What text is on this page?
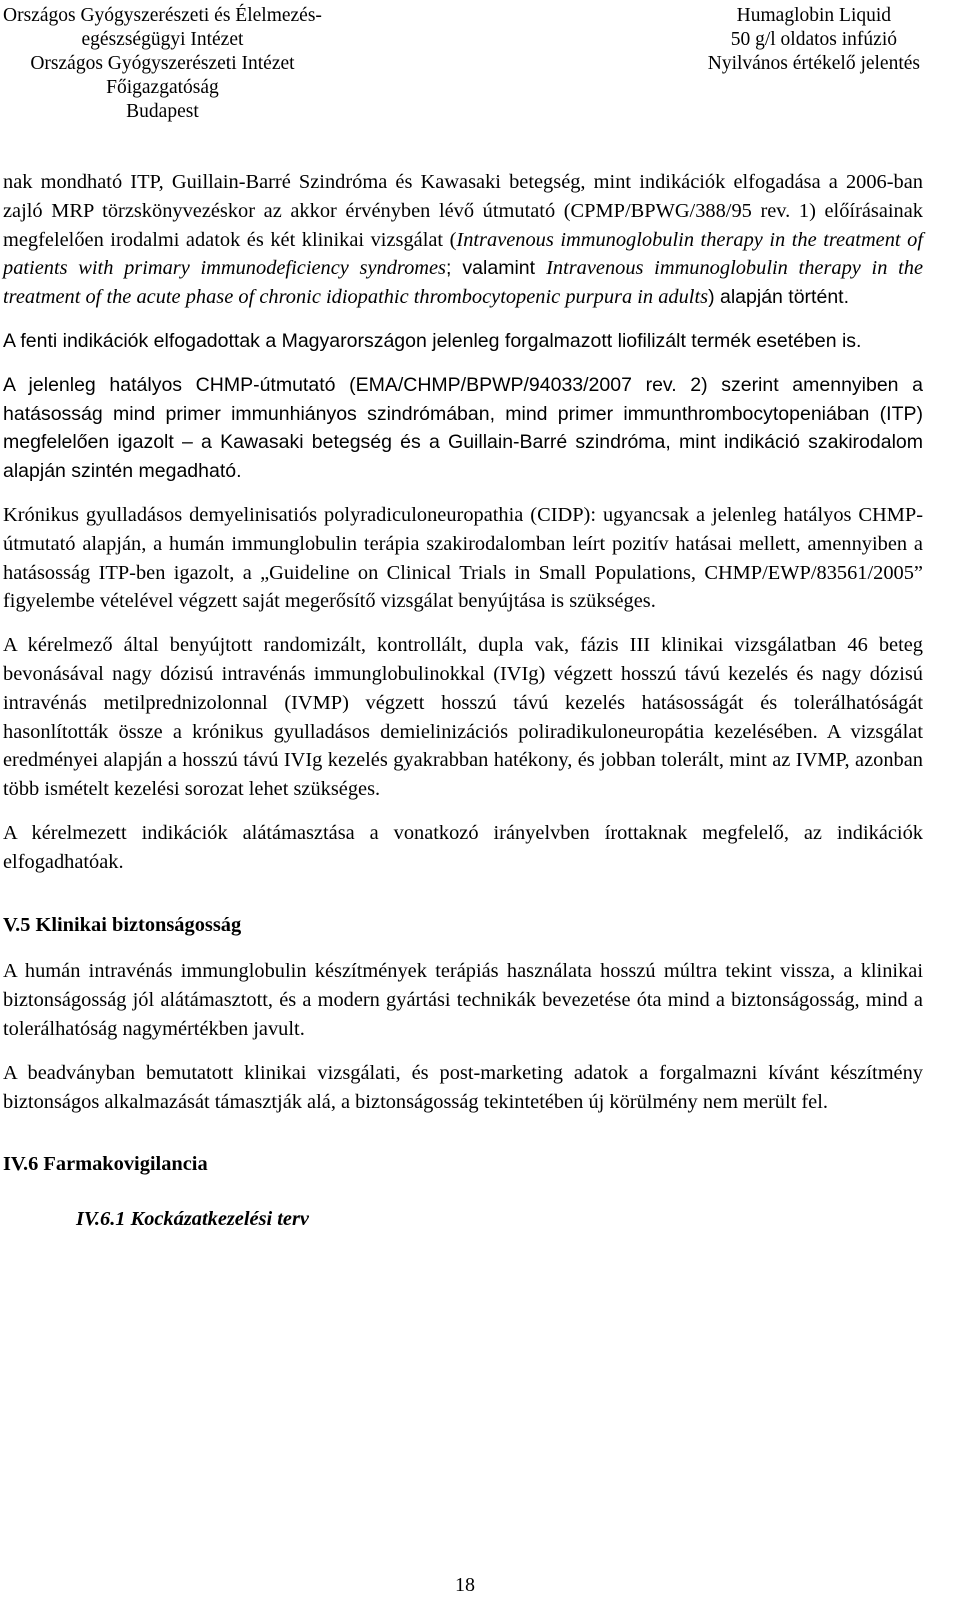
Országos Gyógyszerészeti és Élelmezés-
egészségügyi Intézet
Országos Gyógyszerészeti Intézet
Főigazgatóság
Budapest
Humaglobin Liquid
50 g/l oldatos infúzió
Nyilvános értékelő jelentés

nak mondható ITP, Guillain-Barré Szindróma és Kawasaki betegség, mint indikációk elfogadása a 2006-ban zajló MRP törzskönyvezéskor az akkor érvényben lévő útmutató (CPMP/BPWG/388/95 rev. 1) előírásainak megfelelően irodalmi adatok és két klinikai vizsgálat (Intravenous immunoglobulin therapy in the treatment of patients with primary immunodeficiency syndromes; valamint Intravenous immunoglobulin therapy in the treatment of the acute phase of chronic idiopathic thrombocytopenic purpura in adults) alapján történt.

A fenti indikációk elfogadottak a Magyarországon jelenleg forgalmazott liofilizált termék esetében is.

A jelenleg hatályos CHMP-útmutató (EMA/CHMP/BPWP/94033/2007 rev. 2) szerint amennyiben a hatásosság mind primer immunhiányos szindrómában, mind primer immunthrombocytopeniában (ITP) megfelelően igazolt – a Kawasaki betegség és a Guillain-Barré szindróma, mint indikáció szakirodalom alapján szintén megadható.

Krónikus gyulladásos demyelinisatiós polyradiculoneuropathia (CIDP): ugyancsak a jelenleg hatályos CHMP-útmutató alapján, a humán immunglobulin terápia szakirodalomban leírt pozitív hatásai mellett, amennyiben a hatásosság ITP-ben igazolt, a „Guideline on Clinical Trials in Small Populations, CHMP/EWP/83561/2005” figyelembe vételével végzett saját megerősítő vizsgálat benyújtása is szükséges.

A kérelmező által benyújtott randomizált, kontrollált, dupla vak, fázis III klinikai vizsgálatban 46 beteg bevonásával nagy dózisú intravénás immunglobulinokkal (IVIg) végzett hosszú távú kezelés és nagy dózisú intravénás metilprednizolonnal (IVMP) végzett hosszú távú kezelés hatásosságát és tolerálhatóságát hasonlították össze a krónikus gyulladásos demielinizációs poliradikuloneuropátia kezelésében. A vizsgálat eredményei alapján a hosszú távú IVIg kezelés gyakrabban hatékony, és jobban tolerált, mint az IVMP, azonban több ismételt kezelési sorozat lehet szükséges.

A kérelmezett indikációk alátámasztása a vonatkozó irányelvben írottaknak megfelelő, az indikációk elfogadhatóak.

V.5 Klinikai biztonságosság

A humán intravénás immunglobulin készítmények terápiás használata hosszú múltra tekint vissza, a klinikai biztonságosság jól alátámasztott, és a modern gyártási technikák bevezetése óta mind a biztonságosság, mind a tolerálhatóság nagymértékben javult.

A beadványban bemutatott klinikai vizsgálati, és post-marketing adatok a forgalmazni kívánt készítmény biztonságos alkalmazását támasztják alá, a biztonságosság tekintetében új körülmény nem merült fel.

IV.6 Farmakovigilancia
IV.6.1 Kockázatkezelési terv
18
